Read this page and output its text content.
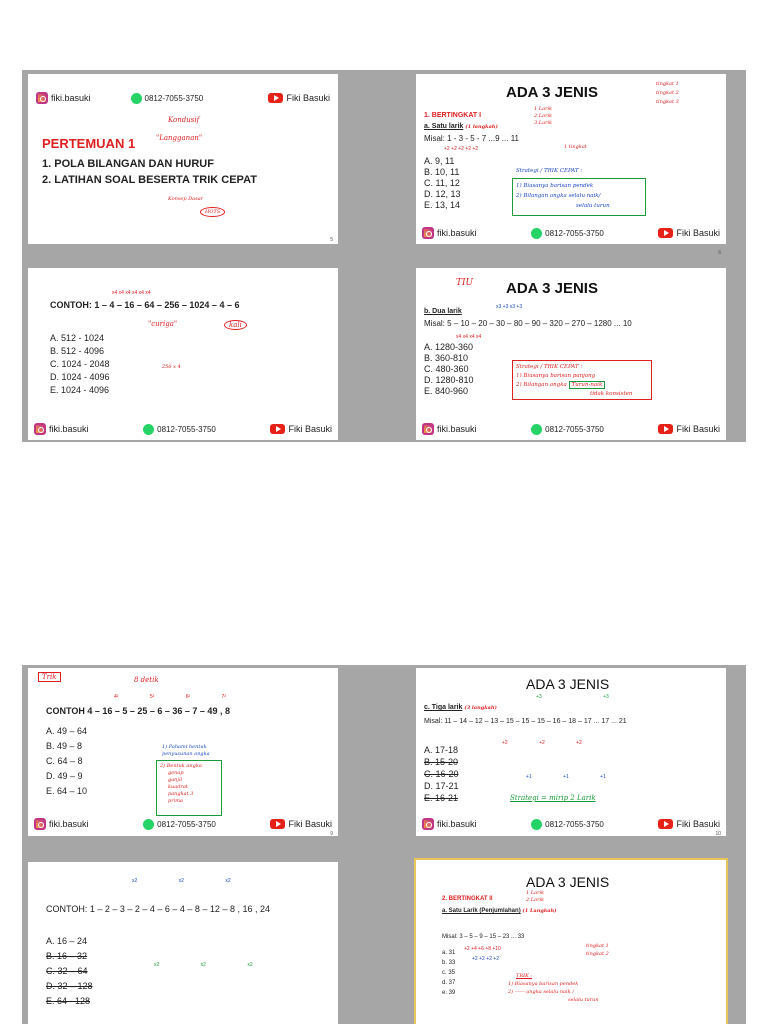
fiki.basuki	0812-7055-3750	Fiki Basuki
Kondusif
PERTEMUAN 1	"Langganan"
1. POLA BILANGAN DAN HURUF
2. LATIHAN SOAL BESERTA TRIK CEPAT
Konsep Dasar
HOTS
5
ADA 3 JENIS	tingkat 1
tingkat 2
tingkat 3
1. BERTINGKAT I
1 Larik
2 Larik
3 Larik
a. Satu larik (1 langkah)
Misal: 1 - 3 - 5 - 7 ...9 ... 11
+2 +2 +2 +2 +2	1 tingkat
A. 9, 11
B. 10, 11
C. 11, 12
D. 12, 13
E. 13, 14
Strategi / TRIK CEPAT :
1) Biasanya barisan pendek
2) Bilangan angka selalu naik/
selalu turun
fiki.basuki	0812-7055-3750	Fiki Basuki
6
x4 x4 x4 x4 x4 x4
CONTOH: 1 – 4 – 16 – 64 – 256 – 1024 – 4 – 6
"curiga"	kali
256 x 4
A. 512 - 1024
B. 512 - 4096
C. 1024 - 2048
D. 1024 - 4096
E. 1024 - 4096
fiki.basuki	0812-7055-3750	Fiki Basuki
TIU ADA 3 JENIS
b. Dua larik
x3 +3 x3 +3
Misal: 5 – 10 – 20 – 30 – 80 – 90 – 320 – 270 – 1280 ... 10
x4 x4 x4 x4
A. 1280-360
B. 360-810
C. 480-360
D. 1280-810
E. 840-960
Strategi / TRIK CEPAT :
1) Biasanya barisan panjang
2) Bilangan angka Turun-naik
tidak konsisten
fiki.basuki	0812-7055-3750	Fiki Basuki
Trik	8 detik
4²	5²	6²	7²
CONTOH 4 – 16 – 5 – 25 – 6 – 36 – 7 – 49 , 8
A. 49 – 64
B. 49 – 8
C. 64 – 8
D. 49 – 9
E. 64 – 10
1) Pahami bentuk
penyusunan angka
2) Bentuk angka
genap
ganjil
kuadrat
pangkat 3
prima
fiki.basuki	0812-7055-3750	Fiki Basuki
9
ADA 3 JENIS
+3 +3
c. Tiga larik (3 langkah)
Misal: 11 – 14 – 12 – 13 – 15 – 15 – 15 – 16 – 18 – 17 ... 17 ... 21
+2 +2 +2
+1 +1 +1
A. 17-18
B. 15-20
C. 16-20
D. 17-21
E. 16-21	Strategi = mirip 2 Larik
fiki.basuki	0812-7055-3750	Fiki Basuki
10
x2 x2 x2
CONTOH: 1 – 2 – 3 – 2 – 4 – 6 – 4 – 8 – 12 – 8 , 16 , 24
x2 x2 x2
A. 16 – 24
B. 16 – 32
C. 32 – 64
D. 32 – 128
E. 64 - 128
ADA 3 JENIS
2. BERTINGKAT II
1 Larik
2 Larik
a. Satu Larik (Penjumlahan) (1 Langkah)
Misal: 3 – 5 – 9 – 15 – 23 ... 33
+2 +4 +6 +8 +10
+2 +2 +2 +2
tingkat 1
tingkat 2
a. 31
b. 33
c. 35
d. 37
e. 39
TRIK :
1) Biasanya barisan pendek
2) —— angka selalu naik /
selalu turun
